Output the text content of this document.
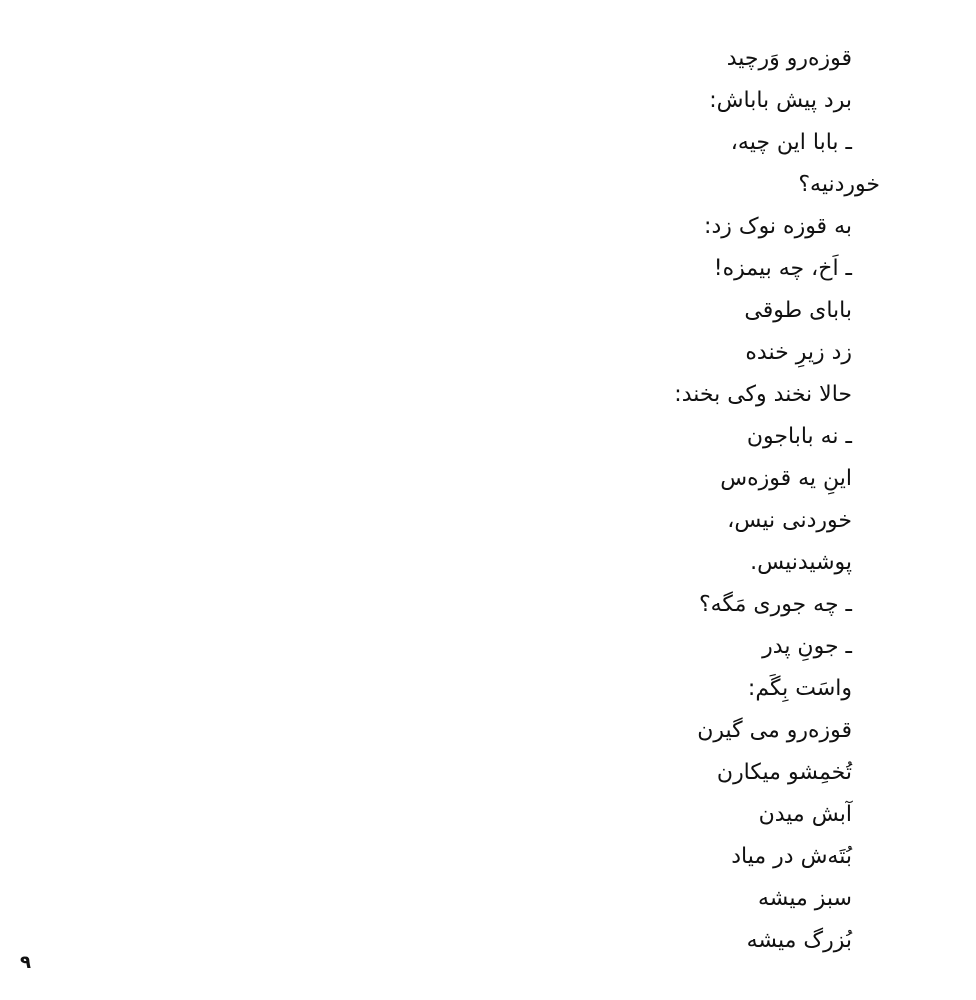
قوزه‌رو وَرچید
برد پیش باباش:
ـ بابا این چیه،
خوردنیه؟
به قوزه نوک زد:
ـ اَخ، چه بیمزه!
بابای طوقی
زد زیرِ خنده
حالا نخند وکی بخند:
ـ نه باباجون
اینِ یه قوزه‌س
خوردنی نیس،
پوشیدنیس.
ـ چه جوری مَگه؟
ـ جونِ پدر
واسَت بِگَم:
قوزه‌رو می گیرن
تُخمِشو میکارن
آبش میدن
بُتَه‌ش در میاد
سبز میشه
بُزرگ میشه
۹
